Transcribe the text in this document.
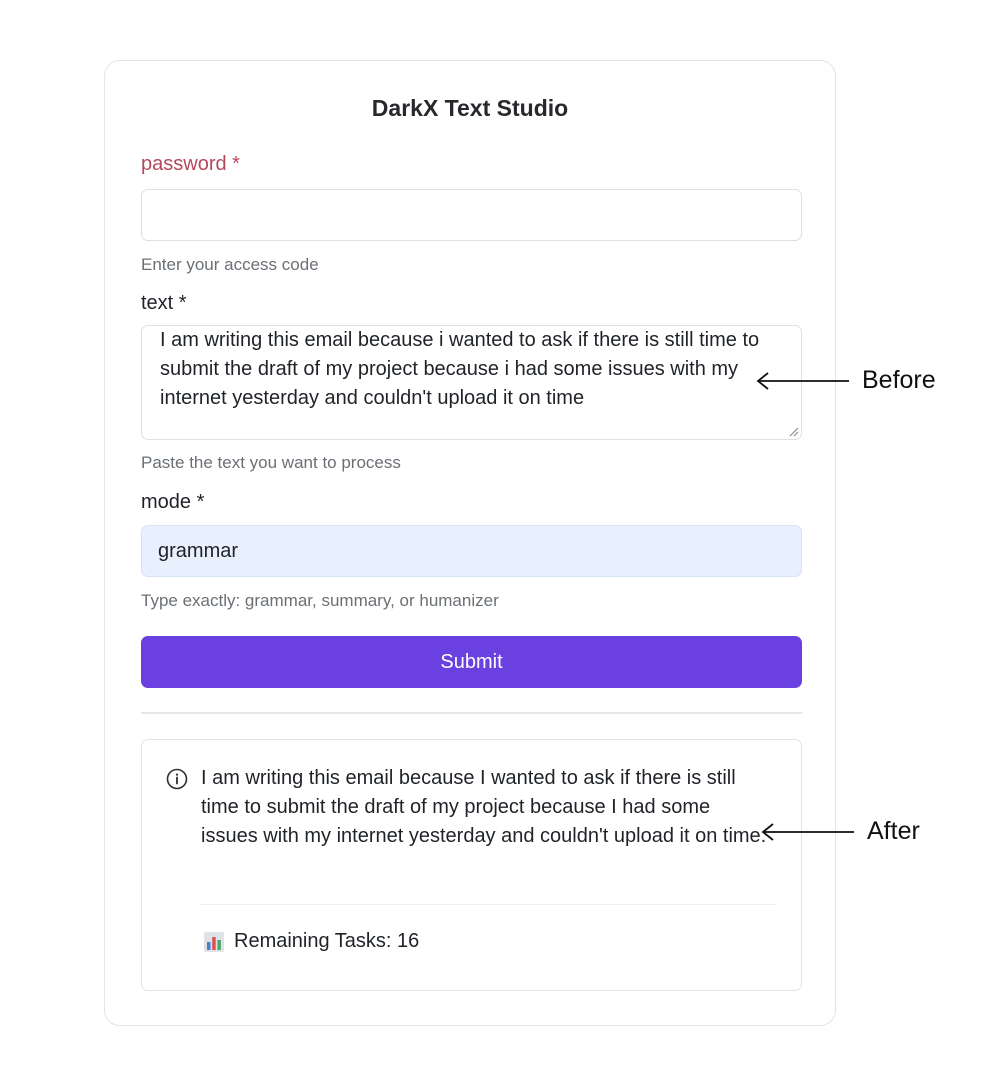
DarkX Text Studio
password *
Enter your access code
text *
I am writing this email because i wanted to ask if there is still time to submit the draft of my project because i had some issues with my internet yesterday and couldn't upload it on time
Paste the text you want to process
mode *
grammar
Type exactly: grammar, summary, or humanizer
Submit
I am writing this email because I wanted to ask if there is still time to submit the draft of my project because I had some issues with my internet yesterday and couldn't upload it on time.
Remaining Tasks: 16
Before
After
